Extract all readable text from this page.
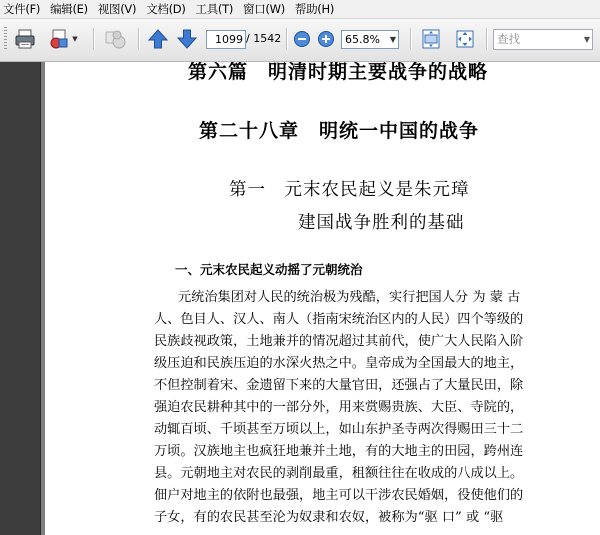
文件(F) 编辑(E) 视图(V) 文档(D) 工具(T) 窗口(W) 帮助(H)
▼	1099 / 1542	65.8%	▼	查找	▼
第六篇　明清时期主要战争的战略
第二十八章　明统一中国的战争
第一　元末农民起义是朱元璋
建国战争胜利的基础
一、元末农民起义动摇了元朝统治
元统治集团对人民的统治极为残酷，实行把国人分 为 蒙 古
人、色目人、汉人、南人（指南宋统治区内的人民）四个等级的
民族歧视政策，土地兼并的情况超过其前代，使广大人民陷入阶
级压迫和民族压迫的水深火热之中。皇帝成为全国最大的地主，
不但控制着宋、金遗留下来的大量官田，还强占了大量民田，除
强迫农民耕种其中的一部分外，用来赏赐贵族、大臣、寺院的，
动辄百顷、千顷甚至万顷以上，如山东护圣寺两次得赐田三十二
万顷。汉族地主也疯狂地兼并土地，有的大地主的田园，跨州连
县。元朝地主对农民的剥削最重，租额往往在收成的八成以上。
佃户对地主的依附也最强，地主可以干涉农民婚姻，役使他们的
子女，有的农民甚至沦为奴隶和农奴，被称为“驱 口” 或 “驱
